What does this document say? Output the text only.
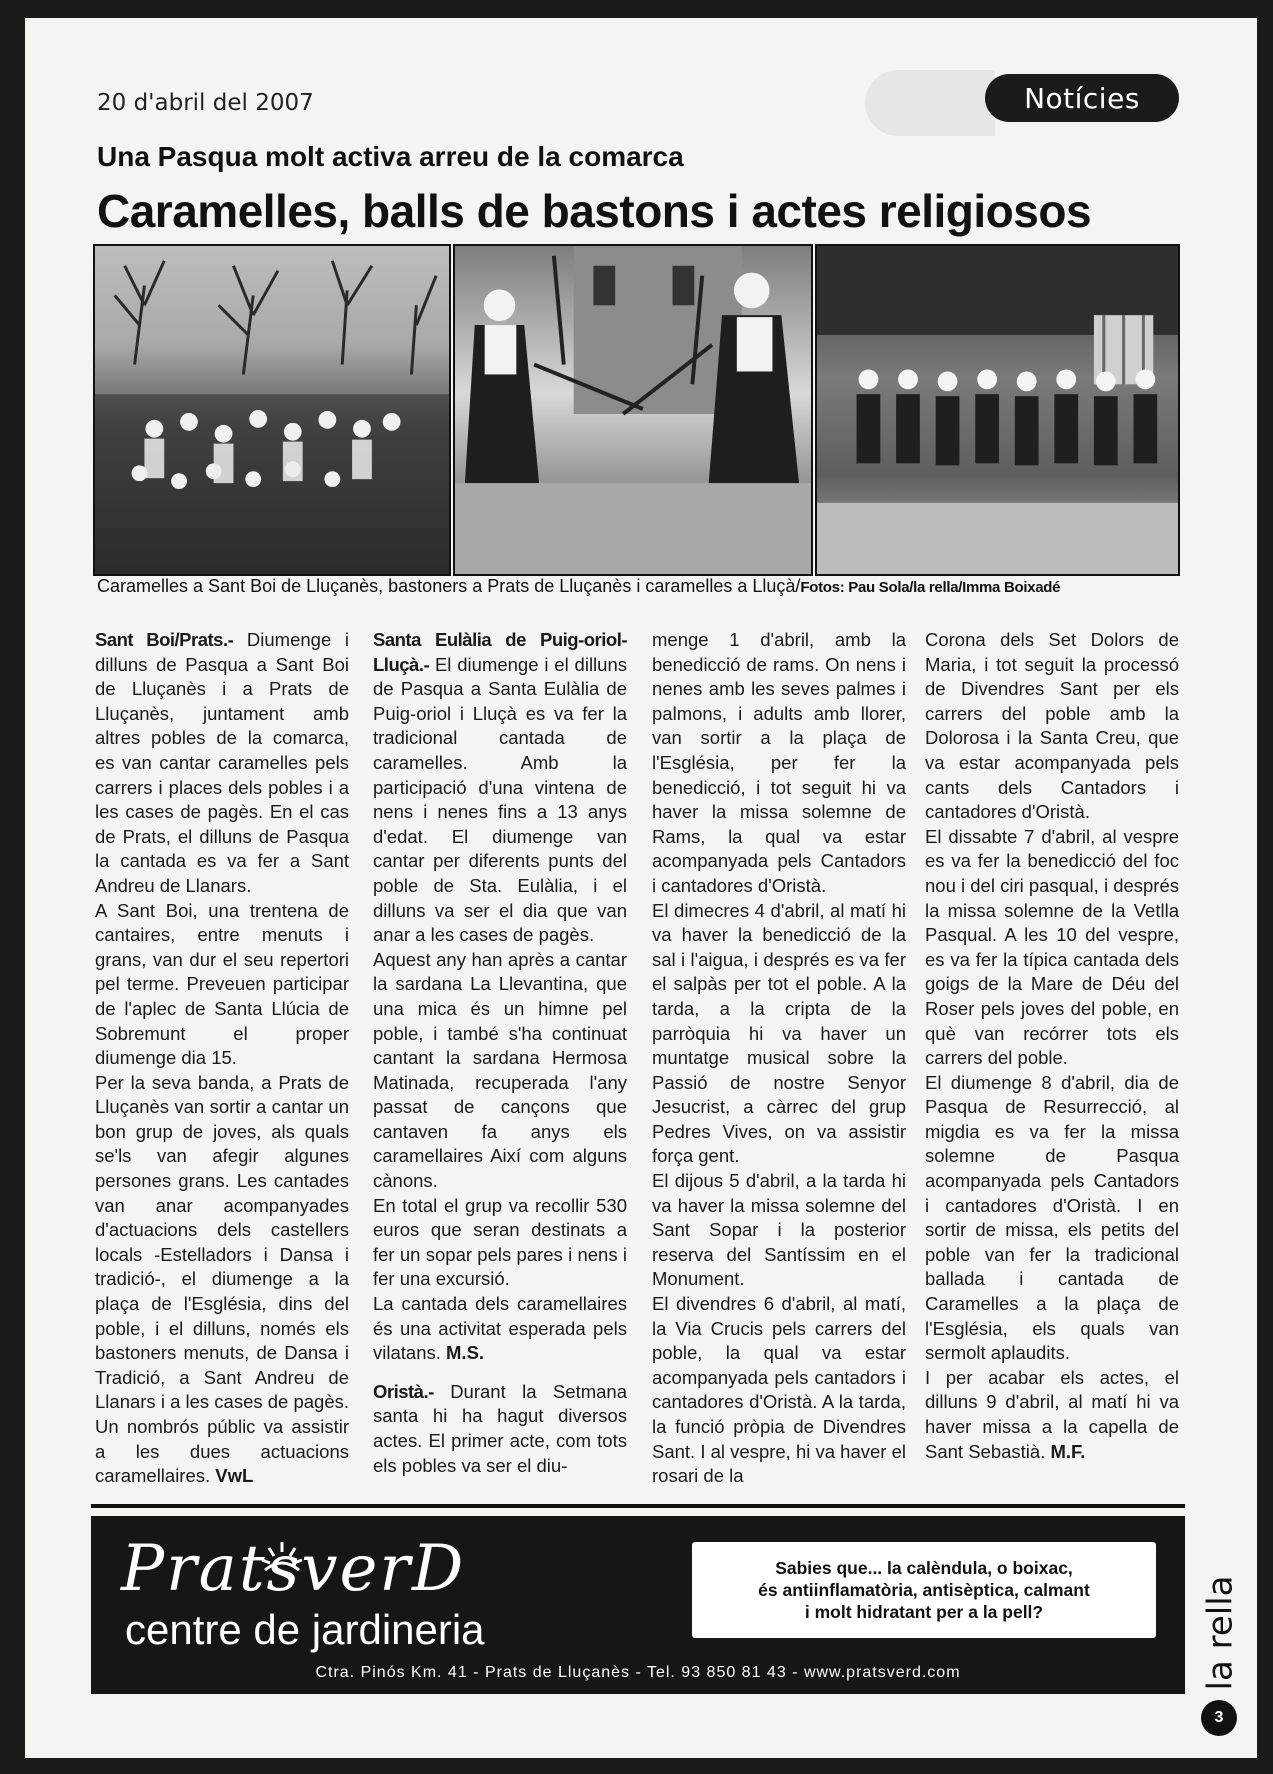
20 d'abril del 2007	Notícies
Una Pasqua molt activa arreu de la comarca
Caramelles, balls de bastons i actes religiosos
Caramelles a Sant Boi de Lluçanès, bastoners a Prats de Lluçanès i caramelles a Lluçà/Fotos: Pau Sola/la rella/Imma Boixadé

Sant Boi/Prats.- Diumenge i dilluns de Pasqua a Sant Boi de Lluçanès i a Prats de Lluçanès, juntament amb altres pobles de la comarca, es van cantar caramelles pels carrers i places dels pobles i a les cases de pagès. En el cas de Prats, el dilluns de Pasqua la cantada es va fer a Sant Andreu de Llanars.

A Sant Boi, una trentena de cantaires, entre menuts i grans, van dur el seu repertori pel terme. Preveuen participar de l'aplec de Santa Llúcia de Sobremunt el proper diumenge dia 15.

Per la seva banda, a Prats de Lluçanès van sortir a cantar un bon grup de joves, als quals se'ls van afegir algunes persones grans. Les cantades van anar acompanyades d'actuacions dels castellers locals -Estelladors i Dansa i tradició-, el diumenge a la plaça de l'Església, dins del poble, i el dilluns, només els bastoners menuts, de Dansa i Tradició, a Sant Andreu de Llanars i a les cases de pagès. Un nombrós públic va assistir a les dues actuacions caramellaires. VwL

Santa Eulàlia de Puig-oriol-Lluçà.- El diumenge i el dilluns de Pasqua a Santa Eulàlia de Puig-oriol i Lluçà es va fer la tradicional cantada de caramelles. Amb la participació d'una vintena de nens i nenes fins a 13 anys d'edat. El diumenge van cantar per diferents punts del poble de Sta. Eulàlia, i el dilluns va ser el dia que van anar a les cases de pagès.

Aquest any han après a cantar la sardana La Llevantina, que una mica és un himne pel poble, i també s'ha continuat cantant la sardana Hermosa Matinada, recuperada l'any passat de cançons que cantaven fa anys els caramellaires Així com alguns cànons.

En total el grup va recollir 530 euros que seran destinats a fer un sopar pels pares i nens i fer una excursió.

La cantada dels caramellaires és una activitat esperada pels vilatans. M.S.

Oristà.- Durant la Setmana santa hi ha hagut diversos actes. El primer acte, com tots els pobles va ser el diu-

menge 1 d'abril, amb la benedicció de rams. On nens i nenes amb les seves palmes i palmons, i adults amb llorer, van sortir a la plaça de l'Església, per fer la benedicció, i tot seguit hi va haver la missa solemne de Rams, la qual va estar acompanyada pels Cantadors i cantadores d'Oristà.

El dimecres 4 d'abril, al matí hi va haver la benedicció de la sal i l'aigua, i després es va fer el salpàs per tot el poble. A la tarda, a la cripta de la parròquia hi va haver un muntatge musical sobre la Passió de nostre Senyor Jesucrist, a càrrec del grup Pedres Vives, on va assistir força gent.

El dijous 5 d'abril, a la tarda hi va haver la missa solemne del Sant Sopar i la posterior reserva del Santíssim en el Monument.

El divendres 6 d'abril, al matí, la Via Crucis pels carrers del poble, la qual va estar acompanyada pels cantadors i cantadores d'Oristà. A la tarda, la funció pròpia de Divendres Sant. I al vespre, hi va haver el rosari de la

Corona dels Set Dolors de Maria, i tot seguit la processó de Divendres Sant per els carrers del poble amb la Dolorosa i la Santa Creu, que va estar acompanyada pels cants dels Cantadors i cantadores d'Oristà.

El dissabte 7 d'abril, al vespre es va fer la benedicció del foc nou i del ciri pasqual, i després la missa solemne de la Vetlla Pasqual. A les 10 del vespre, es va fer la típica cantada dels goigs de la Mare de Déu del Roser pels joves del poble, en què van recórrer tots els carrers del poble.

El diumenge 8 d'abril, dia de Pasqua de Resurrecció, al migdia es va fer la missa solemne de Pasqua acompanyada pels Cantadors i cantadores d'Oristà. I en sortir de missa, els petits del poble van fer la tradicional ballada i cantada de Caramelles a la plaça de l'Església, els quals van sermolt aplaudits.

I per acabar els actes, el dilluns 9 d'abril, al matí hi va haver missa a la capella de Sant Sebastià. M.F.

PratsverD
centre de jardineria
Sabies que... la calèndula, o boixac,
és antiinflamatòria, antisèptica, calmant
i molt hidratant per a la pell?
Ctra. Pinós Km. 41 - Prats de Lluçanès - Tel. 93 850 81 43 - www.pratsverd.com	la rella
3
